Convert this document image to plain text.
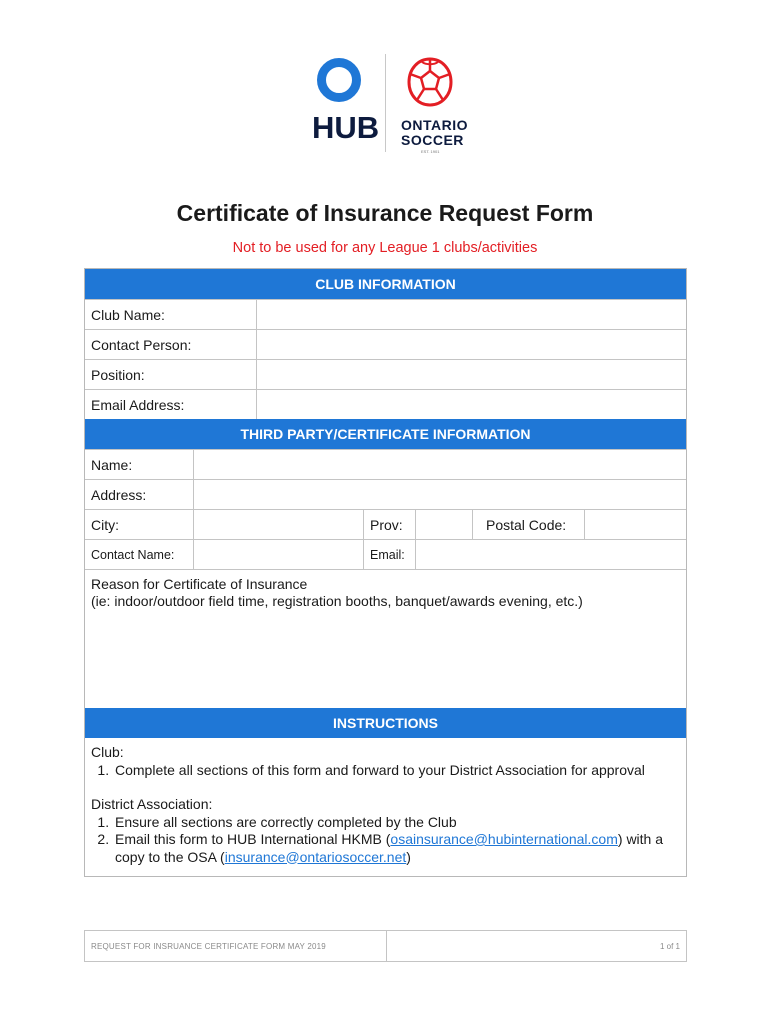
HUB ONTARIO
SOCCER
EST. 1901
Certificate of Insurance Request Form
Not to be used for any League 1 clubs/activities
CLUB INFORMATION
Club Name:
Contact Person:
Position:
Email Address:
THIRD PARTY/CERTIFICATE INFORMATION
Name:
Address:
City:	Prov:	Postal Code:
Contact Name:	Email:

Reason for Certificate of Insurance

(ie: indoor/outdoor field time, registration booths, banquet/awards evening, etc.)

INSTRUCTIONS

Club:

1. Complete all sections of this form and forward to your District Association for approval

District Association:

1. Ensure all sections are correctly completed by the Club
2. Email this form to HUB International HKMB (osainsurance@hubinternational.com) with a copy to the OSA (insurance@ontariosoccer.net)
REQUEST FOR INSRUANCE CERTIFICATE FORM MAY 2019	1 of 1
